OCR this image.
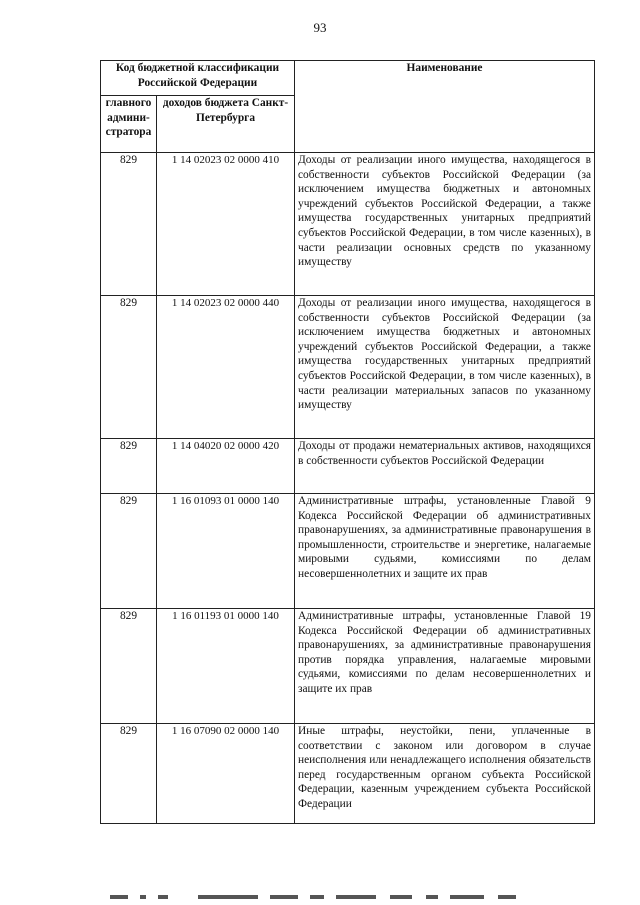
93
Код бюджетной классификации Российской Федерации		Наименование
главного админи-стратора	доходов бюджета Санкт-Петербурга	
829	1 14 02023 02 0000 410	Доходы от реализации иного имущества, находящегося в собственности субъектов Российской Федерации (за исключением имущества бюджетных и автономных учреждений субъектов Российской Федерации, а также имущества государственных унитарных предприятий субъектов Российской Федерации, в том числе казенных), в части реализации основных средств по указанному имуществу
829	1 14 02023 02 0000 440	Доходы от реализации иного имущества, находящегося в собственности субъектов Российской Федерации (за исключением имущества бюджетных и автономных учреждений субъектов Российской Федерации, а также имущества государственных унитарных предприятий субъектов Российской Федерации, в том числе казенных), в части реализации материальных запасов по указанному имуществу
829	1 14 04020 02 0000 420	Доходы от продажи нематериальных активов, находящихся в собственности субъектов Российской Федерации
829	1 16 01093 01 0000 140	Административные штрафы, установленные Главой 9 Кодекса Российской Федерации об административных правонарушениях, за административные правонарушения в промышленности, строительстве и энергетике, налагаемые мировыми судьями, комиссиями по делам несовершеннолетних и защите их прав
829	1 16 01193 01 0000 140	Административные штрафы, установленные Главой 19 Кодекса Российской Федерации об административных правонарушениях, за административные правонарушения против порядка управления, налагаемые мировыми судьями, комиссиями по делам несовершеннолетних и защите их прав
829	1 16 07090 02 0000 140	Иные штрафы, неустойки, пени, уплаченные в соответствии с законом или договором в случае неисполнения или ненадлежащего исполнения обязательств перед государственным органом субъекта Российской Федерации, казенным учреждением субъекта Российской Федерации
